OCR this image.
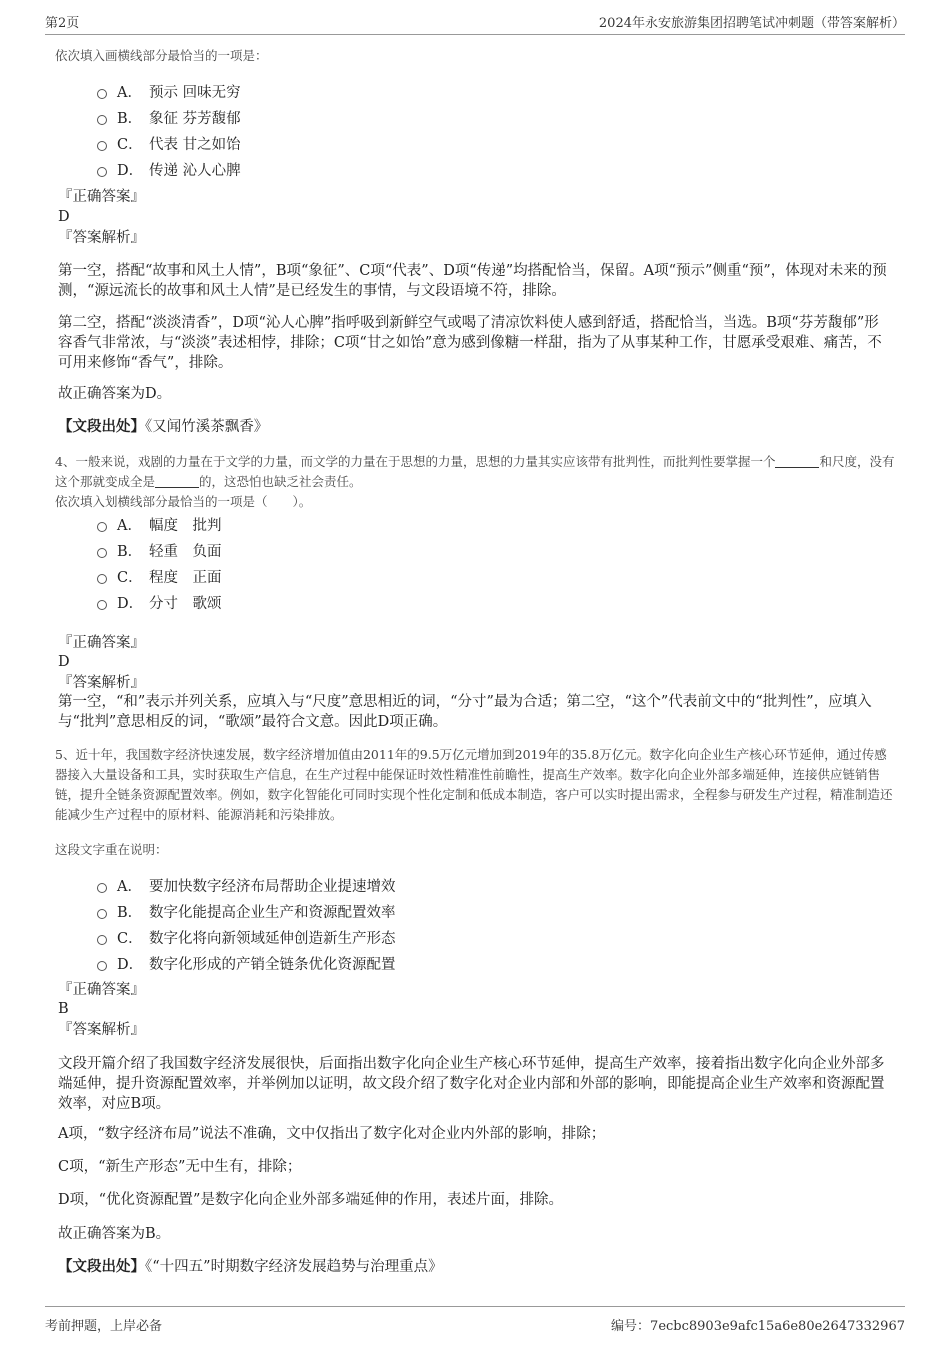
第2页	2024年永安旅游集团招聘笔试冲刺题（带答案解析）
依次填入画横线部分最恰当的一项是：
A． 预示 回味无穷
B． 象征 芬芳馥郁
C． 代表 甘之如饴
D． 传递 沁人心脾
『正确答案』
D
『答案解析』
第一空，搭配“故事和风土人情”，B项“象征”、C项“代表”、D项“传递”均搭配恰当，保留。A项“预示”侧重“预”，体现对未来的预测，“源远流长的故事和风土人情”是已经发生的事情，与文段语境不符，排除。
第二空，搭配“淡淡清香”，D项“沁人心脾”指呼吸到新鲜空气或喝了清凉饮料使人感到舒适，搭配恰当，当选。B项“芬芳馥郁”形容香气非常浓，与“淡淡”表述相悖，排除；C项“甘之如饴”意为感到像糖一样甜，指为了从事某种工作，甘愿承受艰难、痛苦，不可用来修饰“香气”，排除。
故正确答案为D。
【文段出处】《又闻竹溪茶飘香》
4、一般来说，戏剧的力量在于文学的力量，而文学的力量在于思想的力量，思想的力量其实应该带有批判性，而批判性要掌握一个	和尺度，没有这个那就变成全是	的，这恐怕也缺乏社会责任。
依次填入划横线部分最恰当的一项是（　　）。
A． 幅度　批判
B． 轻重　负面
C． 程度　正面
D． 分寸　歌颂
『正确答案』
D
『答案解析』
第一空，“和”表示并列关系，应填入与“尺度”意思相近的词，“分寸”最为合适；第二空，“这个”代表前文中的“批判性”，应填入与“批判”意思相反的词，“歌颂”最符合文意。因此D项正确。
5、近十年，我国数字经济快速发展，数字经济增加值由2011年的9.5万亿元增加到2019年的35.8万亿元。数字化向企业生产核心环节延伸，通过传感器接入大量设备和工具，实时获取生产信息，在生产过程中能保证时效性精准性前瞻性，提高生产效率。数字化向企业外部多端延伸，连接供应链销售链，提升全链条资源配置效率。例如，数字化智能化可同时实现个性化定制和低成本制造，客户可以实时提出需求，全程参与研发生产过程，精准制造还能减少生产过程中的原材料、能源消耗和污染排放。
这段文字重在说明：
A． 要加快数字经济布局帮助企业提速增效
B． 数字化能提高企业生产和资源配置效率
C． 数字化将向新领域延伸创造新生产形态
D． 数字化形成的产销全链条优化资源配置
『正确答案』
B
『答案解析』
文段开篇介绍了我国数字经济发展很快，后面指出数字化向企业生产核心环节延伸，提高生产效率，接着指出数字化向企业外部多端延伸，提升资源配置效率，并举例加以证明，故文段介绍了数字化对企业内部和外部的影响，即能提高企业生产效率和资源配置效率，对应B项。
A项，“数字经济布局”说法不准确，文中仅指出了数字化对企业内外部的影响，排除；
C项，“新生产形态”无中生有，排除；
D项，“优化资源配置”是数字化向企业外部多端延伸的作用，表述片面，排除。
故正确答案为B。
【文段出处】《“十四五”时期数字经济发展趋势与治理重点》
考前押题，上岸必备	编号：7ecbc8903e9afc15a6e80e2647332967
